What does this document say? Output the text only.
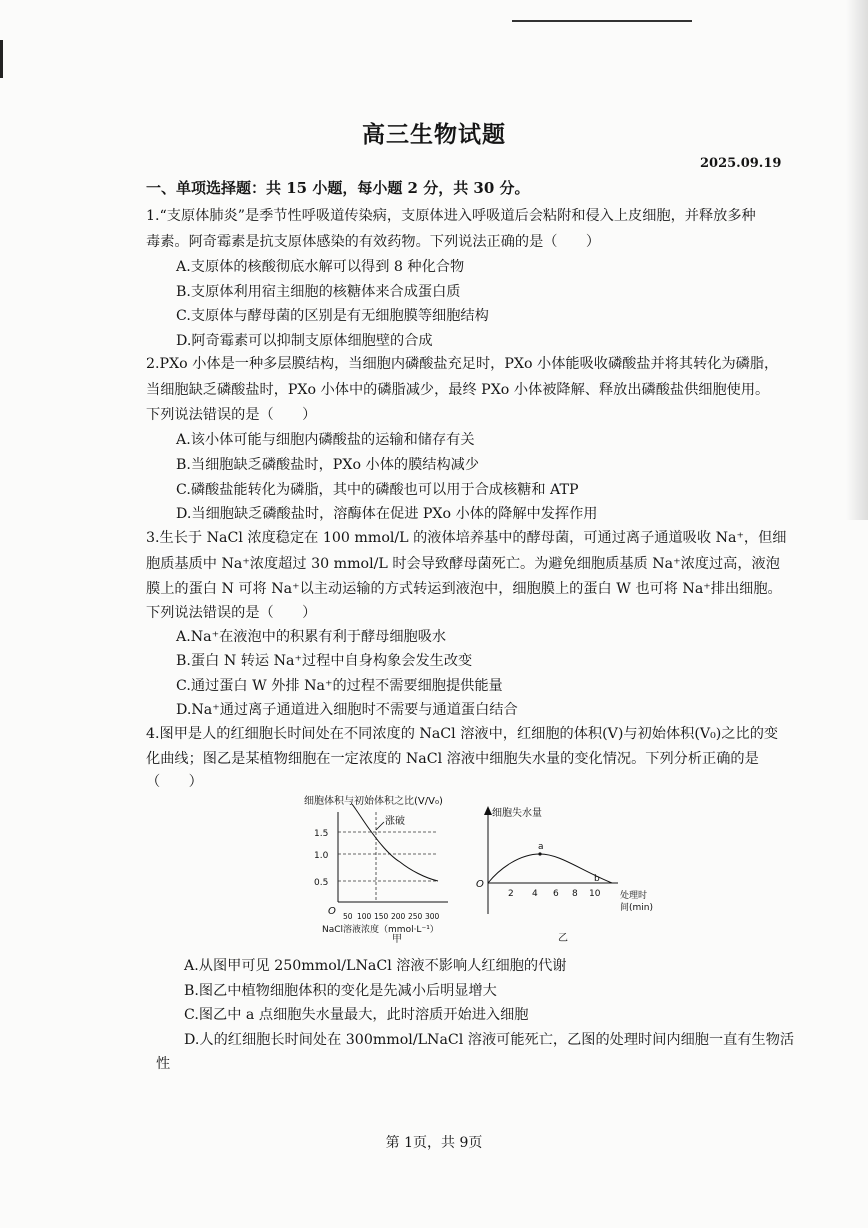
高三生物试题
2025.09.19
一、单项选择题：共 15 小题，每小题 2 分，共 30 分。
1.“支原体肺炎”是季节性呼吸道传染病，支原体进入呼吸道后会粘附和侵入上皮细胞，并释放多种
毒素。阿奇霉素是抗支原体感染的有效药物。下列说法正确的是（　　）
A.支原体的核酸彻底水解可以得到 8 种化合物
B.支原体利用宿主细胞的核糖体来合成蛋白质
C.支原体与酵母菌的区别是有无细胞膜等细胞结构
D.阿奇霉素可以抑制支原体细胞壁的合成
2.PXo 小体是一种多层膜结构，当细胞内磷酸盐充足时，PXo 小体能吸收磷酸盐并将其转化为磷脂，
当细胞缺乏磷酸盐时，PXo 小体中的磷脂减少，最终 PXo 小体被降解、释放出磷酸盐供细胞使用。
下列说法错误的是（　　）
A.该小体可能与细胞内磷酸盐的运输和储存有关
B.当细胞缺乏磷酸盐时，PXo 小体的膜结构减少
C.磷酸盐能转化为磷脂，其中的磷酸也可以用于合成核糖和 ATP
D.当细胞缺乏磷酸盐时，溶酶体在促进 PXo 小体的降解中发挥作用
3.生长于 NaCl 浓度稳定在 100 mmol/L 的液体培养基中的酵母菌，可通过离子通道吸收 Na⁺，但细
胞质基质中 Na⁺浓度超过 30 mmol/L 时会导致酵母菌死亡。为避免细胞质基质 Na⁺浓度过高，液泡
膜上的蛋白 N 可将 Na⁺以主动运输的方式转运到液泡中，细胞膜上的蛋白 W 也可将 Na⁺排出细胞。
下列说法错误的是（　　）
A.Na⁺在液泡中的积累有利于酵母细胞吸水
B.蛋白 N 转运 Na⁺过程中自身构象会发生改变
C.通过蛋白 W 外排 Na⁺的过程不需要细胞提供能量
D.Na⁺通过离子通道进入细胞时不需要与通道蛋白结合
4.图甲是人的红细胞长时间处在不同浓度的 NaCl 溶液中，红细胞的体积(V)与初始体积(V₀)之比的变
化曲线；图乙是某植物细胞在一定浓度的 NaCl 溶液中细胞失水量的变化情况。下列分析正确的是
（　　）
细胞体积与初始体积之比(V/V₀)
涨破
1.5
1.0
0.5
O 50 100 150 200 250 300
NaCl溶液浓度（mmol·L⁻¹）
甲
细胞失水量
O
a
b
2 4 6 8 10 处理时
间(min)
乙
A.从图甲可见 250mmol/LNaCl 溶液不影响人红细胞的代谢
B.图乙中植物细胞体积的变化是先减小后明显增大
C.图乙中 a 点细胞失水量最大，此时溶质开始进入细胞
D.人的红细胞长时间处在 300mmol/LNaCl 溶液可能死亡，乙图的处理时间内细胞一直有生物活
性
第 1页，共 9页
